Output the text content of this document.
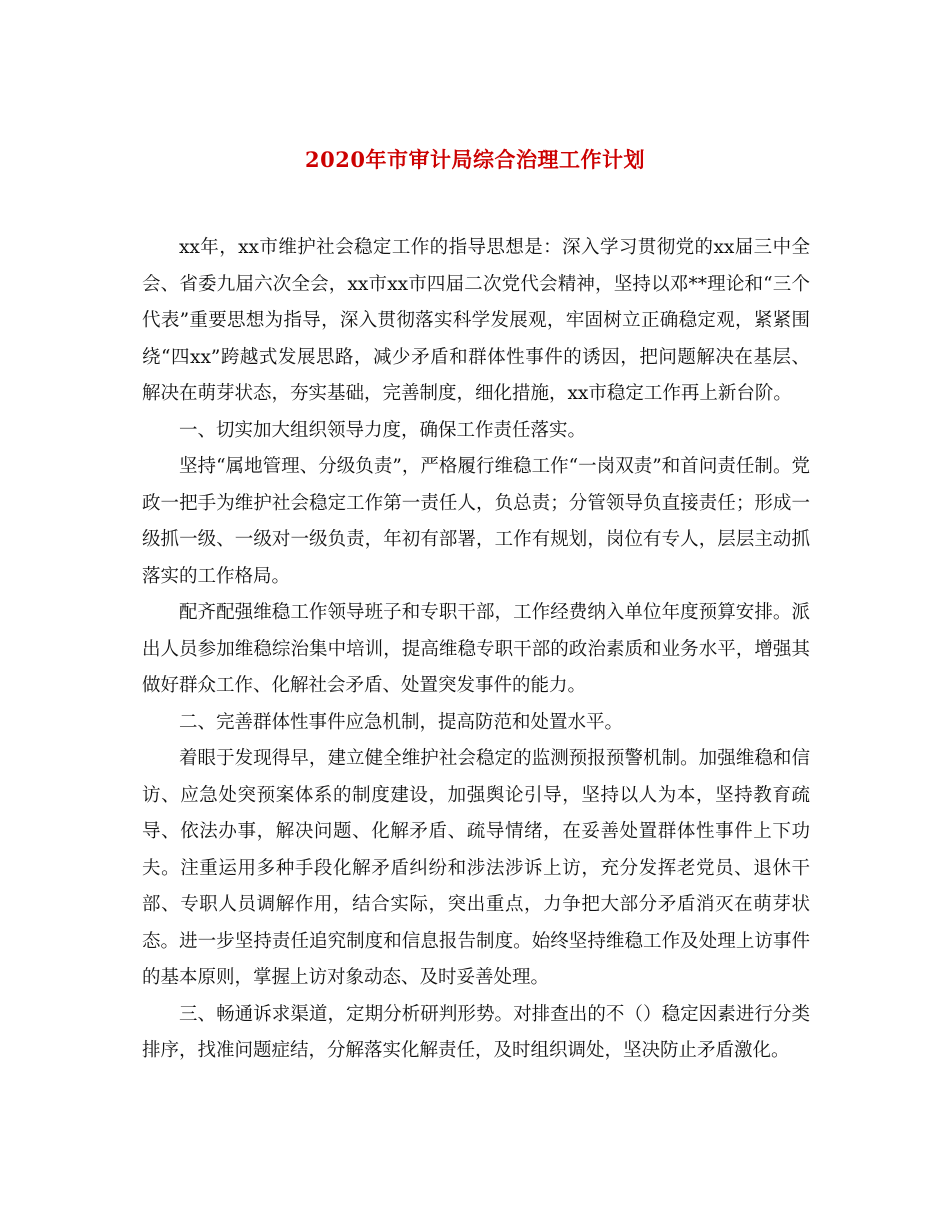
2020年市审计局综合治理工作计划

xx年，xx市维护社会稳定工作的指导思想是：深入学习贯彻党的xx届三中全会、省委九届六次全会，xx市xx市四届二次党代会精神，坚持以邓**理论和“三个代表”重要思想为指导，深入贯彻落实科学发展观，牢固树立正确稳定观，紧紧围绕“四xx”跨越式发展思路，减少矛盾和群体性事件的诱因，把问题解决在基层、解决在萌芽状态，夯实基础，完善制度，细化措施，xx市稳定工作再上新台阶。

一、切实加大组织领导力度，确保工作责任落实。

坚持“属地管理、分级负责”，严格履行维稳工作“一岗双责”和首问责任制。党政一把手为维护社会稳定工作第一责任人，负总责；分管领导负直接责任；形成一级抓一级、一级对一级负责，年初有部署，工作有规划，岗位有专人，层层主动抓落实的工作格局。

配齐配强维稳工作领导班子和专职干部，工作经费纳入单位年度预算安排。派出人员参加维稳综治集中培训，提高维稳专职干部的政治素质和业务水平，增强其做好群众工作、化解社会矛盾、处置突发事件的能力。

二、完善群体性事件应急机制，提高防范和处置水平。

着眼于发现得早，建立健全维护社会稳定的监测预报预警机制。加强维稳和信访、应急处突预案体系的制度建设，加强舆论引导，坚持以人为本，坚持教育疏导、依法办事，解决问题、化解矛盾、疏导情绪，在妥善处置群体性事件上下功夫。注重运用多种手段化解矛盾纠纷和涉法涉诉上访，充分发挥老党员、退休干部、专职人员调解作用，结合实际，突出重点，力争把大部分矛盾消灭在萌芽状态。进一步坚持责任追究制度和信息报告制度。始终坚持维稳工作及处理上访事件的基本原则，掌握上访对象动态、及时妥善处理。

三、畅通诉求渠道，定期分析研判形势。对排查出的不（）稳定因素进行分类排序，找准问题症结，分解落实化解责任，及时组织调处，坚决防止矛盾激化。
